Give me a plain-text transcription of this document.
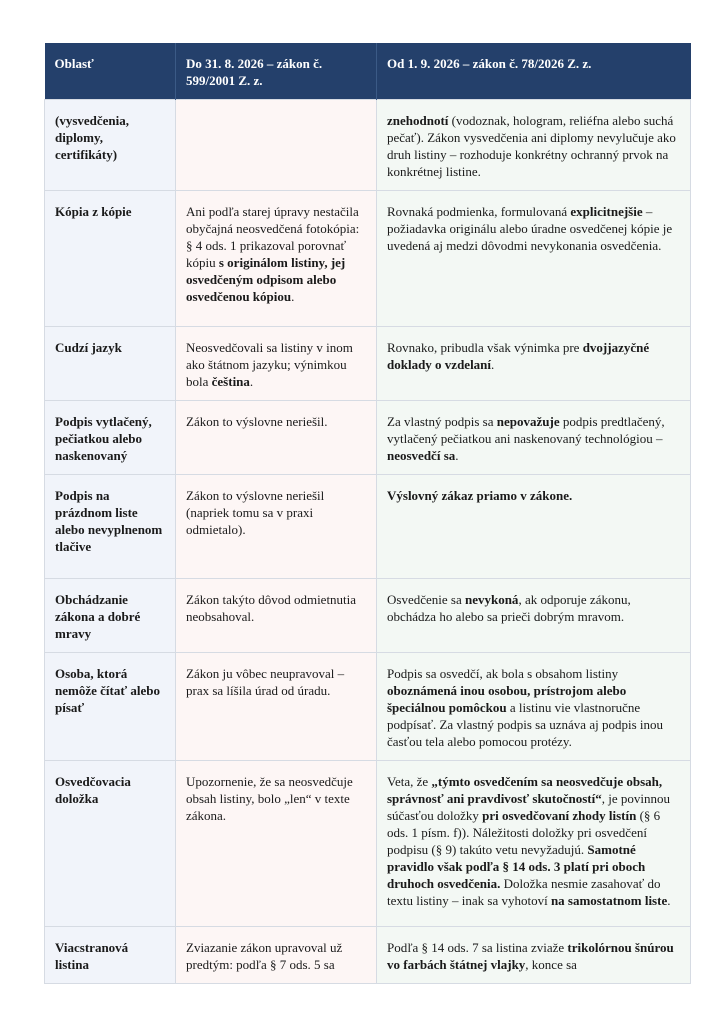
Oblasť	Do 31. 8. 2026 – zákon č. 599/2001 Z. z.	Od 1. 9. 2026 – zákon č. 78/2026 Z. z.
(vysvedčenia, diplomy, certifikáty)		znehodnotí (vodoznak, hologram, reliéfna alebo suchá pečať). Zákon vysvedčenia ani diplomy nevylučuje ako druh listiny – rozhoduje konkrétny ochranný prvok na konkrétnej listine.
Kópia z kópie	Ani podľa starej úpravy nestačila obyčajná neosvedčená fotokópia: § 4 ods. 1 prikazoval porovnať kópiu s originálom listiny, jej osvedčeným odpisom alebo osvedčenou kópiou.	Rovnaká podmienka, formulovaná explicitnejšie – požiadavka originálu alebo úradne osvedčenej kópie je uvedená aj medzi dôvodmi nevykonania osvedčenia.
Cudzí jazyk	Neosvedčovali sa listiny v inom ako štátnom jazyku; výnimkou bola čeština.	Rovnako, pribudla však výnimka pre dvojjazyčné doklady o vzdelaní.
Podpis vytlačený, pečiatkou alebo naskenovaný	Zákon to výslovne neriešil.	Za vlastný podpis sa nepovažuje podpis predtlačený, vytlačený pečiatkou ani naskenovaný technológiou – neosvedčí sa.
Podpis na prázdnom liste alebo nevyplnenom tlačive	Zákon to výslovne neriešil (napriek tomu sa v praxi odmietalo).	Výslovný zákaz priamo v zákone.
Obchádzanie zákona a dobré mravy	Zákon takýto dôvod odmietnutia neobsahoval.	Osvedčenie sa nevykoná, ak odporuje zákonu, obchádza ho alebo sa prieči dobrým mravom.
Osoba, ktorá nemôže čítať alebo písať	Zákon ju vôbec neupravoval – prax sa líšila úrad od úradu.	Podpis sa osvedčí, ak bola s obsahom listiny oboznámená inou osobou, prístrojom alebo špeciálnou pomôckou a listinu vie vlastnoručne podpísať. Za vlastný podpis sa uznáva aj podpis inou časťou tela alebo pomocou protézy.
Osvedčovacia doložka	Upozornenie, že sa neosvedčuje obsah listiny, bolo „len“ v texte zákona.	Veta, že „týmto osvedčením sa neosvedčuje obsah, správnosť ani pravdivosť skutočností“, je povinnou súčasťou doložky pri osvedčovaní zhody listín (§ 6 ods. 1 písm. f)). Náležitosti doložky pri osvedčení podpisu (§ 9) takúto vetu nevyžadujú. Samotné pravidlo však podľa § 14 ods. 3 platí pri oboch druhoch osvedčenia. Doložka nesmie zasahovať do textu listiny – inak sa vyhotoví na samostatnom liste.
Viacstranová listina	Zviazanie zákon upravoval už predtým: podľa § 7 ods. 5 sa	Podľa § 14 ods. 7 sa listina zviaže trikolórnou šnúrou vo farbách štátnej vlajky, konce sa
